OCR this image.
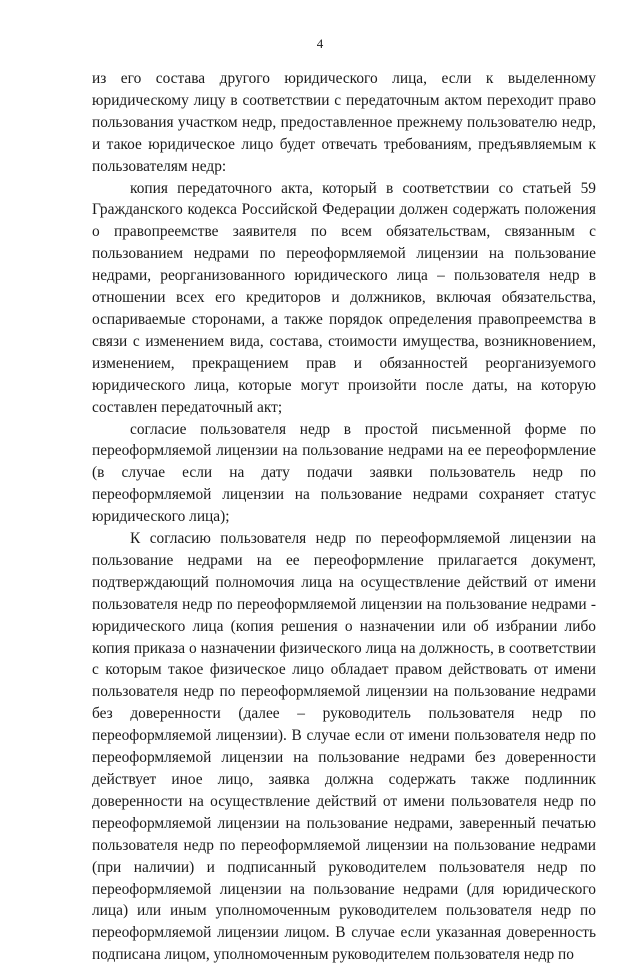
4

из его состава другого юридического лица, если к выделенному юридическому лицу в соответствии с передаточным актом переходит право пользования участком недр, предоставленное прежнему пользователю недр, и такое юридическое лицо будет отвечать требованиям, предъявляемым к пользователям недр:

копия передаточного акта, который в соответствии со статьей 59 Гражданского кодекса Российской Федерации должен содержать положения о правопреемстве заявителя по всем обязательствам, связанным с пользованием недрами по переоформляемой лицензии на пользование недрами, реорганизованного юридического лица – пользователя недр в отношении всех его кредиторов и должников, включая обязательства, оспариваемые сторонами, а также порядок определения правопреемства в связи с изменением вида, состава, стоимости имущества, возникновением, изменением, прекращением прав и обязанностей реорганизуемого юридического лица, которые могут произойти после даты, на которую составлен передаточный акт;

согласие пользователя недр в простой письменной форме по переоформляемой лицензии на пользование недрами на ее переоформление (в случае если на дату подачи заявки пользователь недр по переоформляемой лицензии на пользование недрами сохраняет статус юридического лица);

К согласию пользователя недр по переоформляемой лицензии на пользование недрами на ее переоформление прилагается документ, подтверждающий полномочия лица на осуществление действий от имени пользователя недр по переоформляемой лицензии на пользование недрами - юридического лица (копия решения о назначении или об избрании либо копия приказа о назначении физического лица на должность, в соответствии с которым такое физическое лицо обладает правом действовать от имени пользователя недр по переоформляемой лицензии на пользование недрами без доверенности (далее – руководитель пользователя недр по переоформляемой лицензии). В случае если от имени пользователя недр по переоформляемой лицензии на пользование недрами без доверенности действует иное лицо, заявка должна содержать также подлинник доверенности на осуществление действий от имени пользователя недр по переоформляемой лицензии на пользование недрами, заверенный печатью пользователя недр по переоформляемой лицензии на пользование недрами (при наличии) и подписанный руководителем пользователя недр по переоформляемой лицензии на пользование недрами (для юридического лица) или иным уполномоченным руководителем пользователя недр по переоформляемой лицензии лицом. В случае если указанная доверенность подписана лицом, уполномоченным руководителем пользователя недр по
